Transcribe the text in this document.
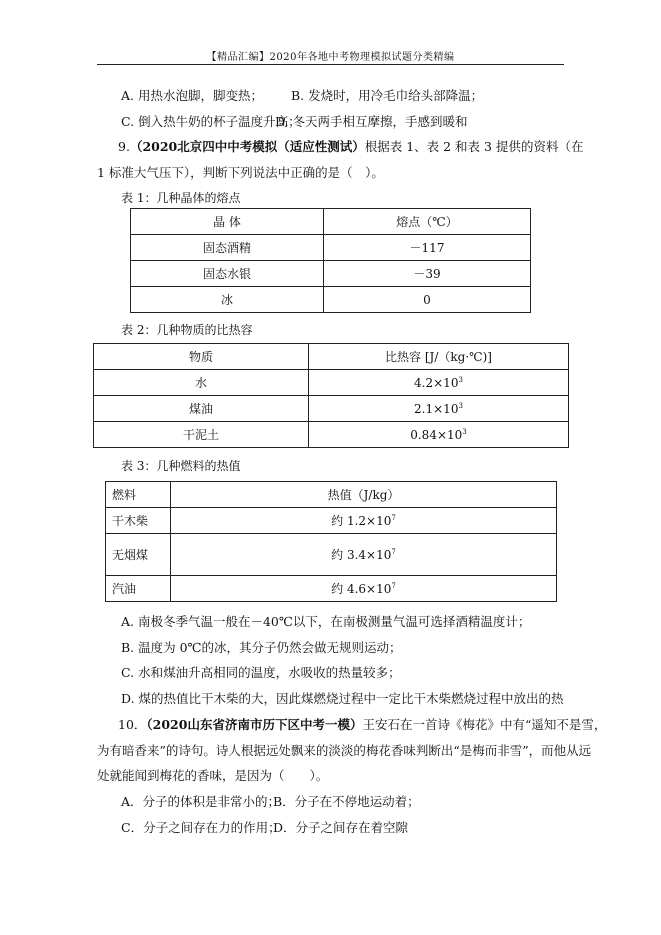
【精品汇编】2020年各地中考物理模拟试题分类精编
A. 用热水泡脚，脚变热； B. 发烧时，用冷毛巾给头部降温；
C. 倒入热牛奶的杯子温度升高；
D. 冬天两手相互摩擦，手感到暖和
9.（2020北京四中中考模拟（适应性测试）根据表 1、表 2 和表 3 提供的资料（在
1 标准大气压下），判断下列说法中正确的是（　）。
表 1：几种晶体的熔点
晶 体	熔点（℃）
固态酒精	－117
固态水银	－39
冰	0
表 2：几种物质的比热容
物质	比热容 [J/（kg·℃)]
水	$4.2\times 10^3$
煤油	$2.1\times 10^3$
干泥土	$0.84\times 10^3$
表 3：几种燃料的热值
燃料	热值（J/kg）
干木柴	约 $1.2\times 10^7$
无烟煤	约 $3.4\times 10^7$
汽油	约 $4.6\times 10^7$
A. 南极冬季气温一般在－40℃以下，在南极测量气温可选择酒精温度计；
B. 温度为 0℃的冰，其分子仍然会做无规则运动；
C. 水和煤油升高相同的温度，水吸收的热量较多；
D. 煤的热值比干木柴的大，因此煤燃烧过程中一定比干木柴燃烧过程中放出的热
10．（2020山东省济南市历下区中考一模）王安石在一首诗《梅花》中有“遥知不是雪，
为有暗香来”的诗句。诗人根据远处飘来的淡淡的梅花香味判断出“是梅而非雪”，而他从远
处就能闻到梅花的香味，是因为（　　）。
A．分子的体积是非常小的；
B．分子在不停地运动着；
C．分子之间存在力的作用；
D．分子之间存在着空隙
